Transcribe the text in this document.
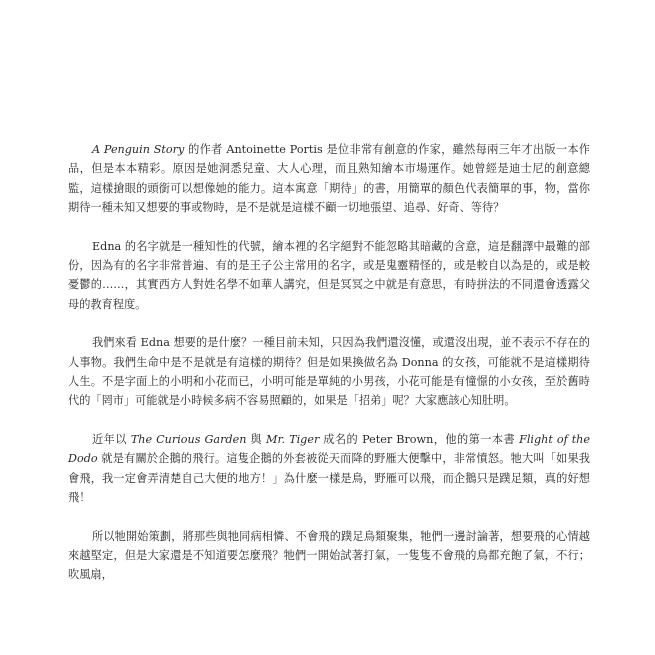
A Penguin Story 的作者 Antoinette Portis 是位非常有創意的作家，雖然每兩三年才出版一本作品，但是本本精彩。原因是她洞悉兒童、大人心理，而且熟知繪本市場運作。她曾經是迪士尼的創意總監，這樣搶眼的頭銜可以想像她的能力。這本寓意「期待」的書，用簡單的顏色代表簡單的事，物，當你期待一種未知又想要的事或物時，是不是就是這樣不顧一切地張望、追尋、好奇、等待？

Edna 的名字就是一種知性的代號，繪本裡的名字絕對不能忽略其暗藏的含意，這是翻譯中最難的部份，因為有的名字非常普遍、有的是王子公主常用的名字，或是鬼靈精怪的，或是較自以為是的，或是較憂鬱的……，其實西方人對姓名學不如華人講究，但是冥冥之中就是有意思，有時拼法的不同還會透露父母的教育程度。

我們來看 Edna 想要的是什麼？一種目前未知，只因為我們還沒懂，或還沒出現，並不表示不存在的人事物。我們生命中是不是就是有這樣的期待？但是如果換做名為 Donna 的女孩，可能就不是這樣期待人生。不是字面上的小明和小花而已，小明可能是單純的小男孩，小花可能是有憧憬的小女孩，至於舊時代的「罔市」可能就是小時候多病不容易照顧的，如果是「招弟」呢？大家應該心知肚明。

近年以 The Curious Garden 與 Mr. Tiger 成名的 Peter Brown，他的第一本書 Flight of the Dodo 就是有關於企鵝的飛行。這隻企鵝的外套被從天而降的野雁大便擊中，非常憤怒。牠大叫「如果我會飛，我一定會弄清楚自己大便的地方！」為什麼一樣是鳥，野雁可以飛，而企鵝只是蹼足類，真的好想飛！

所以牠開始策劃，將那些與牠同病相憐、不會飛的蹼足鳥類聚集，牠們一邊討論著，想要飛的心情越來越堅定，但是大家還是不知道要怎麼飛？牠們一開始試著打氣，一隻隻不會飛的鳥都充飽了氣，不行；吹風扇，
